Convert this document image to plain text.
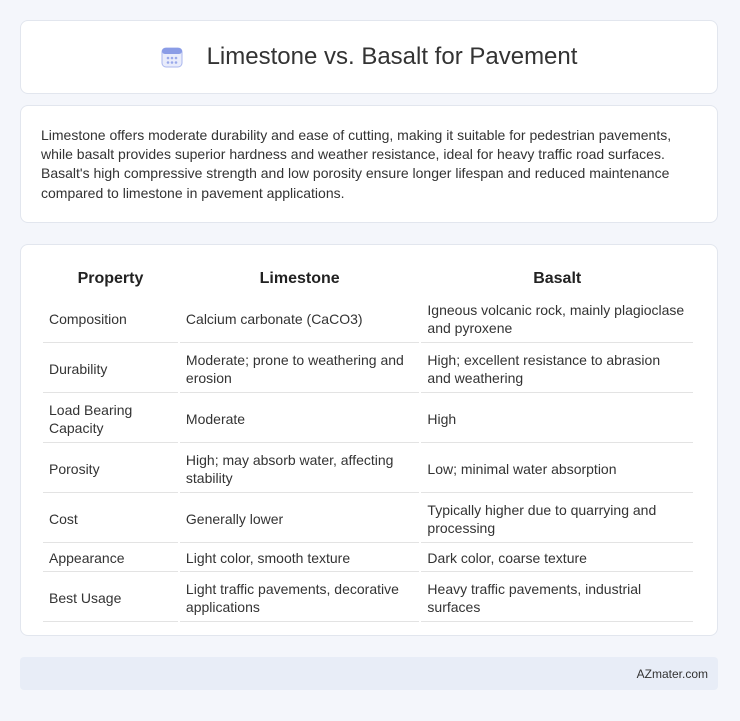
Limestone vs. Basalt for Pavement

Limestone offers moderate durability and ease of cutting, making it suitable for pedestrian pavements, while basalt provides superior hardness and weather resistance, ideal for heavy traffic road surfaces. Basalt's high compressive strength and low porosity ensure longer lifespan and reduced maintenance compared to limestone in pavement applications.

Property	Limestone	Basalt
Composition	Calcium carbonate (CaCO3)	Igneous volcanic rock, mainly plagioclase and pyroxene
Durability	Moderate; prone to weathering and erosion	High; excellent resistance to abrasion and weathering
Load Bearing Capacity	Moderate	High
Porosity	High; may absorb water, affecting stability	Low; minimal water absorption
Cost	Generally lower	Typically higher due to quarrying and processing
Appearance	Light color, smooth texture	Dark color, coarse texture
Best Usage	Light traffic pavements, decorative applications	Heavy traffic pavements, industrial surfaces
AZmater.com
